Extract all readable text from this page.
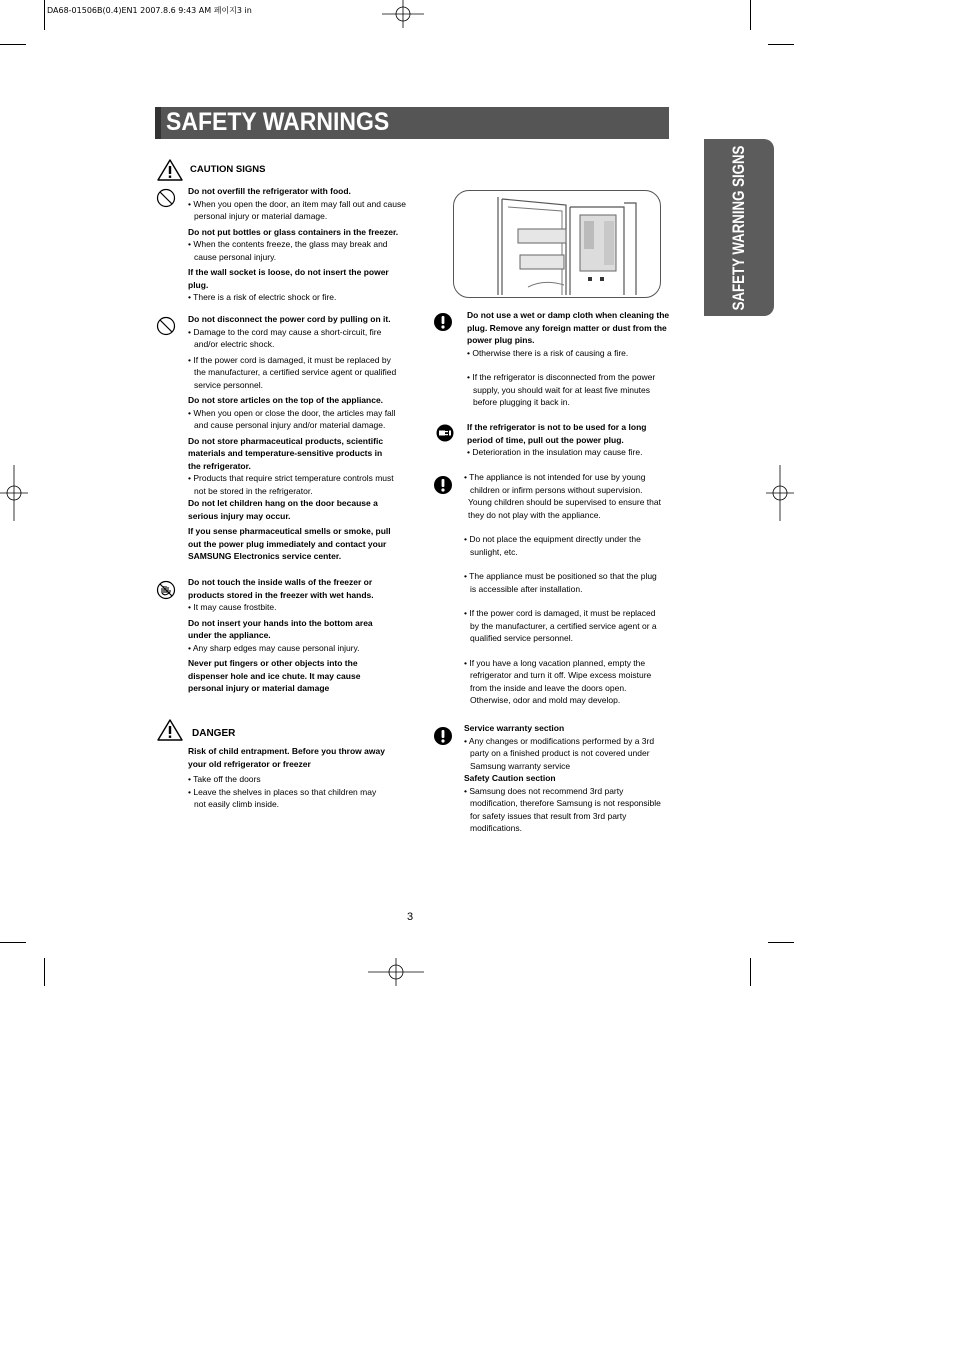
DA68-01506B(0.4)EN1 2007.8.6 9:43 AM 페이지3 in
SAFETY WARNINGS
SAFETY WARNING SIGNS
CAUTION SIGNS

Do not overfill the refrigerator with food.

• When you open the door, an item may fall out and cause personal injury or material damage.

Do not put bottles or glass containers in the freezer.

• When the contents freeze, the glass may break and cause personal injury.

If the wall socket is loose, do not insert the power plug.

• There is a risk of electric shock or fire.

Do not disconnect the power cord by pulling on it.

• Damage to the cord may cause a short-circuit, fire and/or electric shock.

• If the power cord is damaged, it must be replaced by the manufacturer, a certified service agent or qualified service personnel.

Do not store articles on the top of the appliance.

• When you open or close the door, the articles may fall and cause personal injury and/or material damage.

Do not store pharmaceutical products, scientific materials and temperature-sensitive products in the refrigerator.

• Products that require strict temperature controls must not be stored in the refrigerator.

Do not let children hang on the door because a serious injury may occur.

If you sense pharmaceutical smells or smoke, pull out the power plug immediately and contact your SAMSUNG Electronics service center.

Do not touch the inside walls of the freezer or products stored in the freezer with wet hands.

• It may cause frostbite.

Do not insert your hands into the bottom area under the appliance.

• Any sharp edges may cause personal injury.

Never put fingers or other objects into the dispenser hole and ice chute. It may cause personal injury or material damage

DANGER

Risk of child entrapment. Before you throw away your old refrigerator or freezer

• Take off the doors

• Leave the shelves in places so that children may not easily climb inside.

Do not use a wet or damp cloth when cleaning the plug. Remove any foreign matter or dust from the power plug pins.

• Otherwise there is a risk of causing a fire.

• If the refrigerator is disconnected from the power supply, you should wait for at least five minutes before plugging it back in.

If the refrigerator is not to be used for a long period of time, pull out the power plug.

• Deterioration in the insulation may cause fire.

• The appliance is not intended for use by young children or infirm persons without supervision.

Young children should be supervised to ensure that they do not play with the appliance.

• Do not place the equipment directly under the sunlight, etc.

• The appliance must be positioned so that the plug is accessible after installation.

• If the power cord is damaged, it must be replaced by the manufacturer, a certified service agent or a qualified service personnel.

• If you have a long vacation planned, empty the refrigerator and turn it off. Wipe excess moisture from the inside and leave the doors open. Otherwise, odor and mold may develop.

Service warranty section

• Any changes or modifications performed by a 3rd party on a finished product is not covered under Samsung warranty service

Safety Caution section

• Samsung does not recommend 3rd party modification, therefore Samsung is not responsible for safety issues that result from 3rd party modifications.

3
